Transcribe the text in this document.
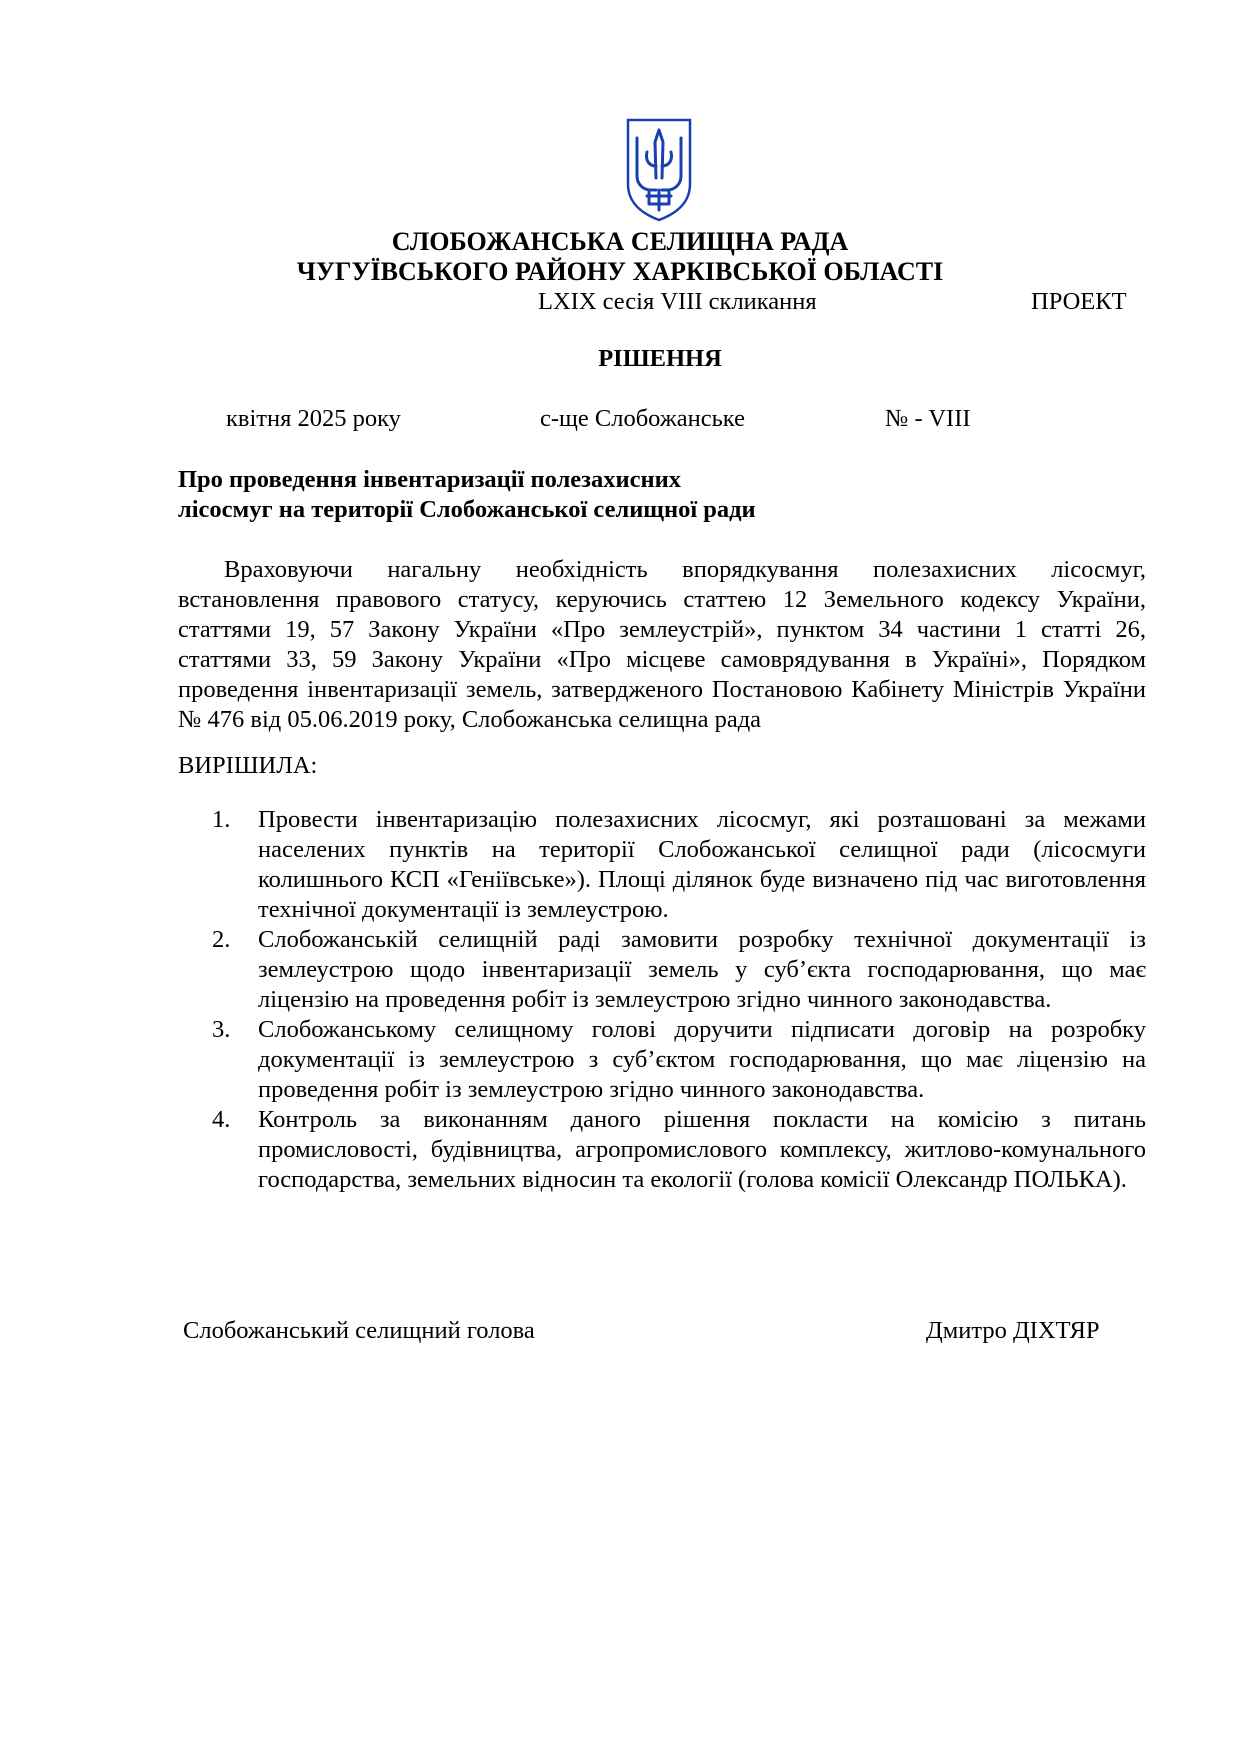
СЛОБОЖАНСЬКА СЕЛИЩНА РАДА
ЧУГУЇВСЬКОГО РАЙОНУ ХАРКІВСЬКОЇ ОБЛАСТІ
LXIX сесія VIII скликання	ПРОЕКТ
РІШЕННЯ
квітня 2025 року	с-ще Слобожанське	№ - VIII
Про проведення інвентаризації полезахисних
лісосмуг на території Слобожанської селищної ради
Враховуючи нагальну необхідність впорядкування полезахисних лісосмуг, встановлення правового статусу, керуючись статтею 12 Земельного кодексу України, статтями 19, 57 Закону України «Про землеустрій», пунктом 34 частини 1 статті 26, статтями 33, 59 Закону України «Про місцеве самоврядування в Україні», Порядком проведення інвентаризації земель, затвердженого Постановою Кабінету Міністрів України № 476 від 05.06.2019 року, Слобожанська селищна рада
ВИРІШИЛА:
1. Провести інвентаризацію полезахисних лісосмуг, які розташовані за межами населених пунктів на території Слобожанської селищної ради (лісосмуги колишнього КСП «Геніївське»). Площі ділянок буде визначено під час виготовлення технічної документації із землеустрою.
2. Слобожанській селищній раді замовити розробку технічної документації із землеустрою щодо інвентаризації земель у суб’єкта господарювання, що має ліцензію на проведення робіт із землеустрою згідно чинного законодавства.
3. Слобожанському селищному голові доручити підписати договір на розробку документації із землеустрою з суб’єктом господарювання, що має ліцензію на проведення робіт із землеустрою згідно чинного законодавства.
4. Контроль за виконанням даного рішення покласти на комісію з питань промисловості, будівництва, агропромислового комплексу, житлово-комунального господарства, земельних відносин та екології (голова комісії Олександр ПОЛЬКА).
Слобожанський селищний голова	Дмитро ДІХТЯР
